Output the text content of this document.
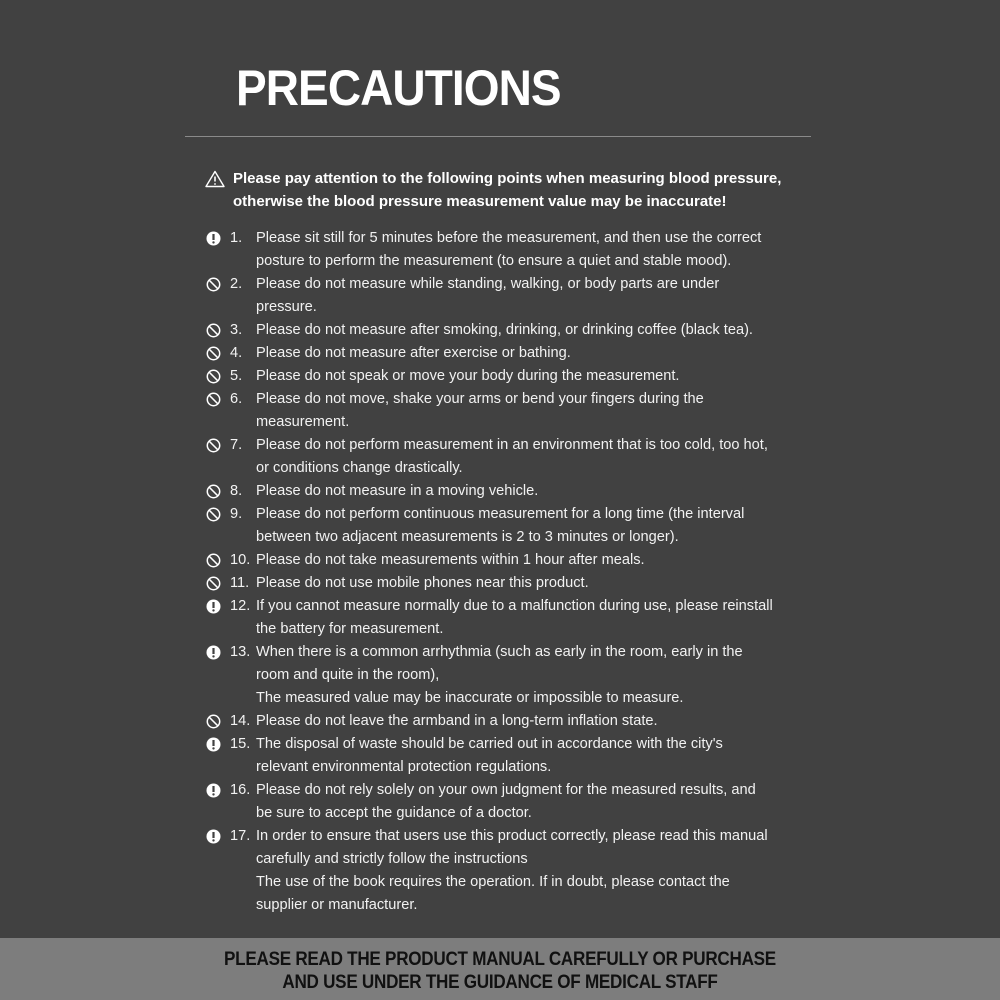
PRECAUTIONS
Please pay attention to the following points when measuring blood pressure,
otherwise the blood pressure measurement value may be inaccurate!
1. Please sit still for 5 minutes before the measurement, and then use the correct
posture to perform the measurement (to ensure a quiet and stable mood).
2. Please do not measure while standing, walking, or body parts are under
pressure.
3. Please do not measure after smoking, drinking, or drinking coffee (black tea).
4. Please do not measure after exercise or bathing.
5. Please do not speak or move your body during the measurement.
6. Please do not move, shake your arms or bend your fingers during the
measurement.
7. Please do not perform measurement in an environment that is too cold, too hot,
or conditions change drastically.
8. Please do not measure in a moving vehicle.
9. Please do not perform continuous measurement for a long time (the interval
between two adjacent measurements is 2 to 3 minutes or longer).
10. Please do not take measurements within 1 hour after meals.
11. Please do not use mobile phones near this product.
12. If you cannot measure normally due to a malfunction during use, please reinstall
the battery for measurement.
13. When there is a common arrhythmia (such as early in the room, early in the
room and quite in the room),
The measured value may be inaccurate or impossible to measure.
14. Please do not leave the armband in a long-term inflation state.
15. The disposal of waste should be carried out in accordance with the city's
relevant environmental protection regulations.
16. Please do not rely solely on your own judgment for the measured results, and
be sure to accept the guidance of a doctor.
17. In order to ensure that users use this product correctly, please read this manual
carefully and strictly follow the instructions
The use of the book requires the operation. If in doubt, please contact the
supplier or manufacturer.
PLEASE READ THE PRODUCT MANUAL CAREFULLY OR PURCHASE
AND USE UNDER THE GUIDANCE OF MEDICAL STAFF
